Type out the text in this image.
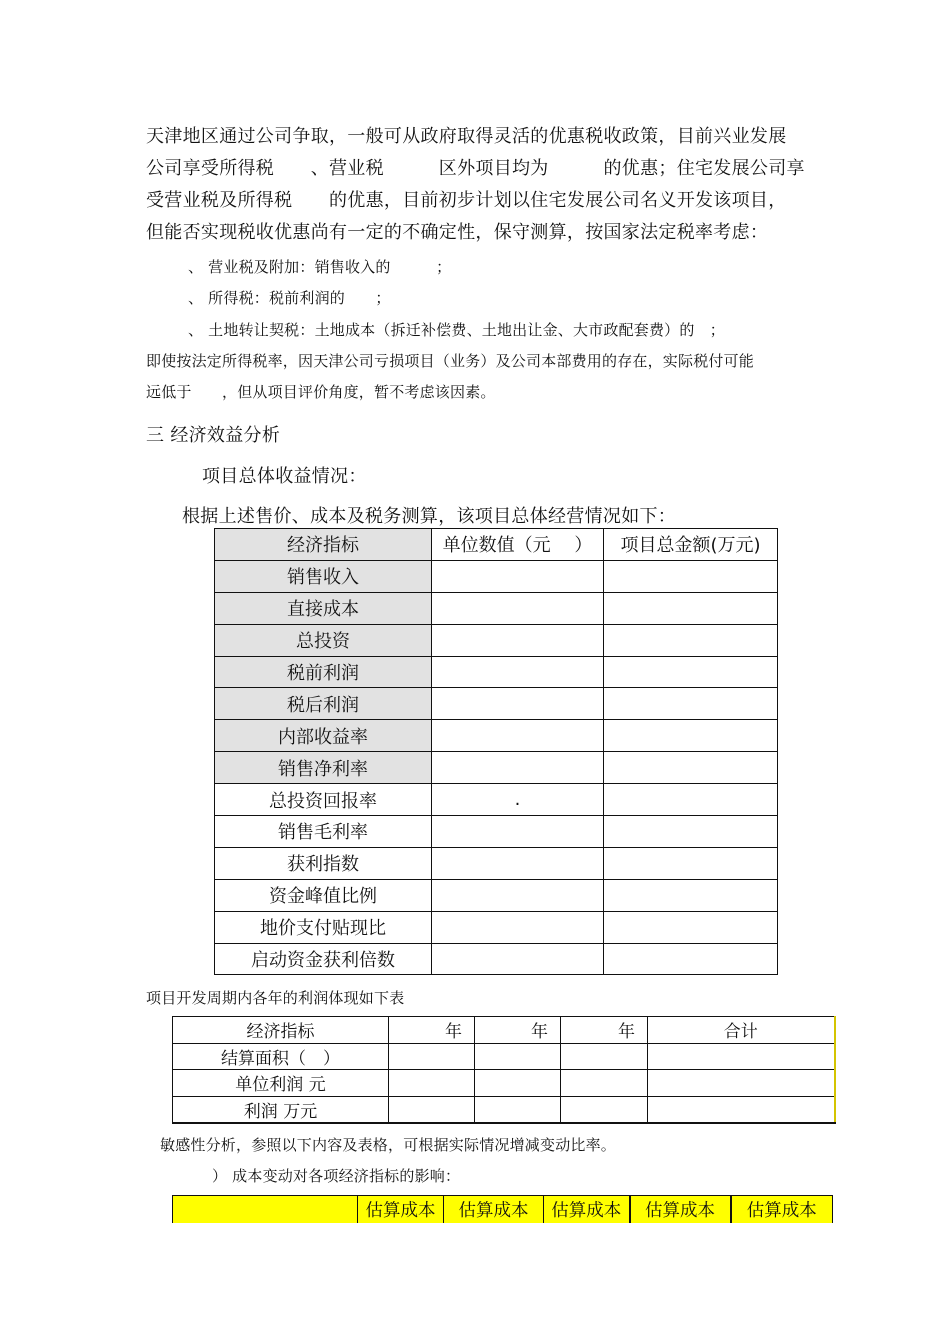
天津地区通过公司争取，一般可从政府取得灵活的优惠税收政策，目前兴业发展
公司享受所得税　　、营业税　　　区外项目均为　　　的优惠；住宅发展公司享
受营业税及所得税　　的优惠，目前初步计划以住宅发展公司名义开发该项目，
但能否实现税收优惠尚有一定的不确定性，保守测算，按国家法定税率考虑：
、 营业税及附加：销售收入的　　　；
、 所得税：税前利润的　　；
、 土地转让契税：土地成本（拆迁补偿费、土地出让金、大市政配套费）的　；
即使按法定所得税率，因天津公司亏损项目（业务）及公司本部费用的存在，实际税付可能
远低于　　，但从项目评价角度，暂不考虑该因素。
三 经济效益分析
项目总体收益情况：
根据上述售价、成本及税务测算，该项目总体经营情况如下：
经济指标	单位数值（元　 ）	项目总金额(万元)
销售收入		
直接成本		
总投资		
税前利润		
税后利润		
内部收益率		
销售净利率		
总投资回报率	.	
销售毛利率		
获利指数		
资金峰值比例		
地价支付贴现比		
启动资金获利倍数		
项目开发周期内各年的利润体现如下表
经济指标	年	年	年	合计
结算面积（　）				
单位利润 元				
利润 万元				
敏感性分析，参照以下内容及表格，可根据实际情况增减变动比率。
） 成本变动对各项经济指标的影响：
	估算成本	估算成本	估算成本	估算成本	估算成本
